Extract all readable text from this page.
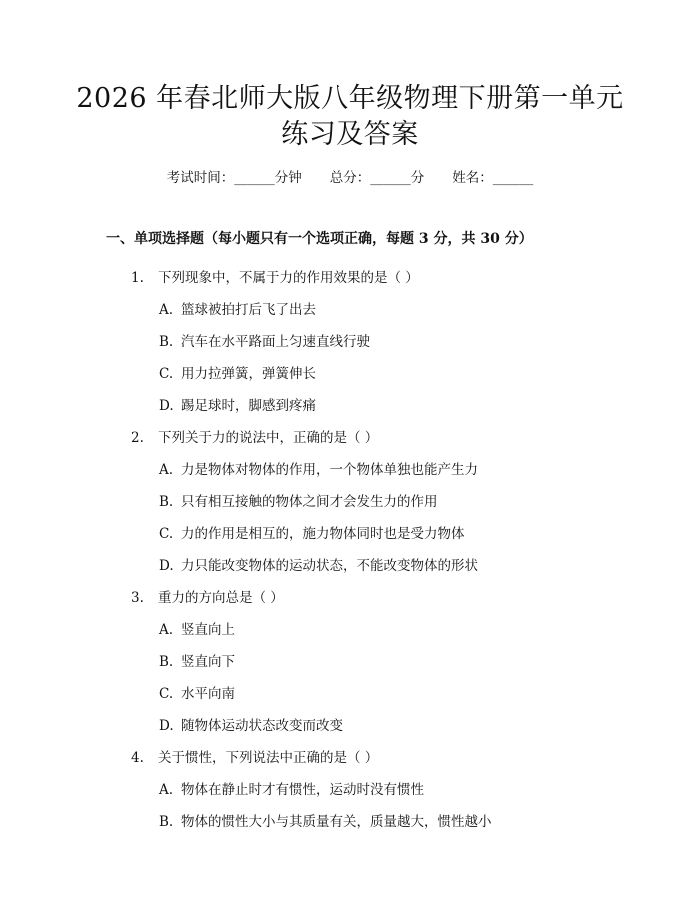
2026 年春北师大版八年级物理下册第一单元
练习及答案
考试时间：______分钟 总分：______分 姓名：______
一、单项选择题（每小题只有一个选项正确，每题 3 分，共 30 分）
1. 下列现象中，不属于力的作用效果的是（ ）
A. 篮球被拍打后飞了出去
B. 汽车在水平路面上匀速直线行驶
C. 用力拉弹簧，弹簧伸长
D. 踢足球时，脚感到疼痛
2. 下列关于力的说法中，正确的是（ ）
A. 力是物体对物体的作用，一个物体单独也能产生力
B. 只有相互接触的物体之间才会发生力的作用
C. 力的作用是相互的，施力物体同时也是受力物体
D. 力只能改变物体的运动状态，不能改变物体的形状
3. 重力的方向总是（ ）
A. 竖直向上
B. 竖直向下
C. 水平向南
D. 随物体运动状态改变而改变
4. 关于惯性，下列说法中正确的是（ ）
A. 物体在静止时才有惯性，运动时没有惯性
B. 物体的惯性大小与其质量有关，质量越大，惯性越小
